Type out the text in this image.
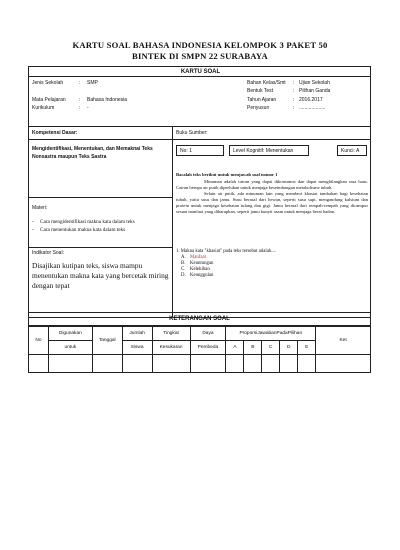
KARTU SOAL BAHASA INDONESIA KELOMPOK 3 PAKET 50
BINTEK DI SMPN 22 SURABAYA
KARTU SOAL
Jenis Sekolah	: SMP
Mata Pelajaran	: Bahasa Indonesia
Kurikulum	: -
Bahan Kelas/Smt : Ujian Sekolah
Bentuk Test	: Pilihan Ganda
Tahun Ajaran	: 2016.2017
Penyusun	: ...................
Kompetensi Dasar:
Mengidentifikasi, Menentukan, dan Memaknai Teks Nonsastra maupun Teks Sastra
Materi:
-	Cara mengidentifikasi makna kata dalam teks
-	Cara menentukan makna kata dalam teks
Indikator Soal:
Disajikan kutipan teks, siswa mampu menentukan makna kata yang bercetak miring dengan tepat
Buku Sumber:
No: 1	Level Kognitif: Menentukan	Kunci: A
Bacalah teks berikut untuk menjawab soal nomor 1

Minuman adalah cairan yang dapat dikonsumsi dan dapat menghilangkan rasa haus. Cairan berupa air putih diperlukan untuk menjaga keseimbangan metabolisme tubuh.

Selain air putih, ada minuman lain yang memberi khasiat tambahan bagi kesehatan tubuh, yaitu susu dan jamu. Susu berasal dari hewan, seperti susu sapi, mengandung kalsium dan protein untuk menjaga kesehatan tulang dan gigi. Jamu berasal dari rempah-rempah yang dicampur sesuai manfaat yang diharapkan, seperti jamu kunyit asam untuk menjaga berat badan.

1. Makna kata "khasiat" pada teks tersebut adalah....
A. Manfaat
B. Keuntungan
C. Kelebihan
D. Keunggulan
KETERANGAN SOAL
No	Digunakan	Tanggal	Jumlah	Tingkat	Daya	ProporsiJawabanPadaPilihan					Ket
	untuk		Siswa	Kesukaran	Pembeda	A	B	C	D	E	
